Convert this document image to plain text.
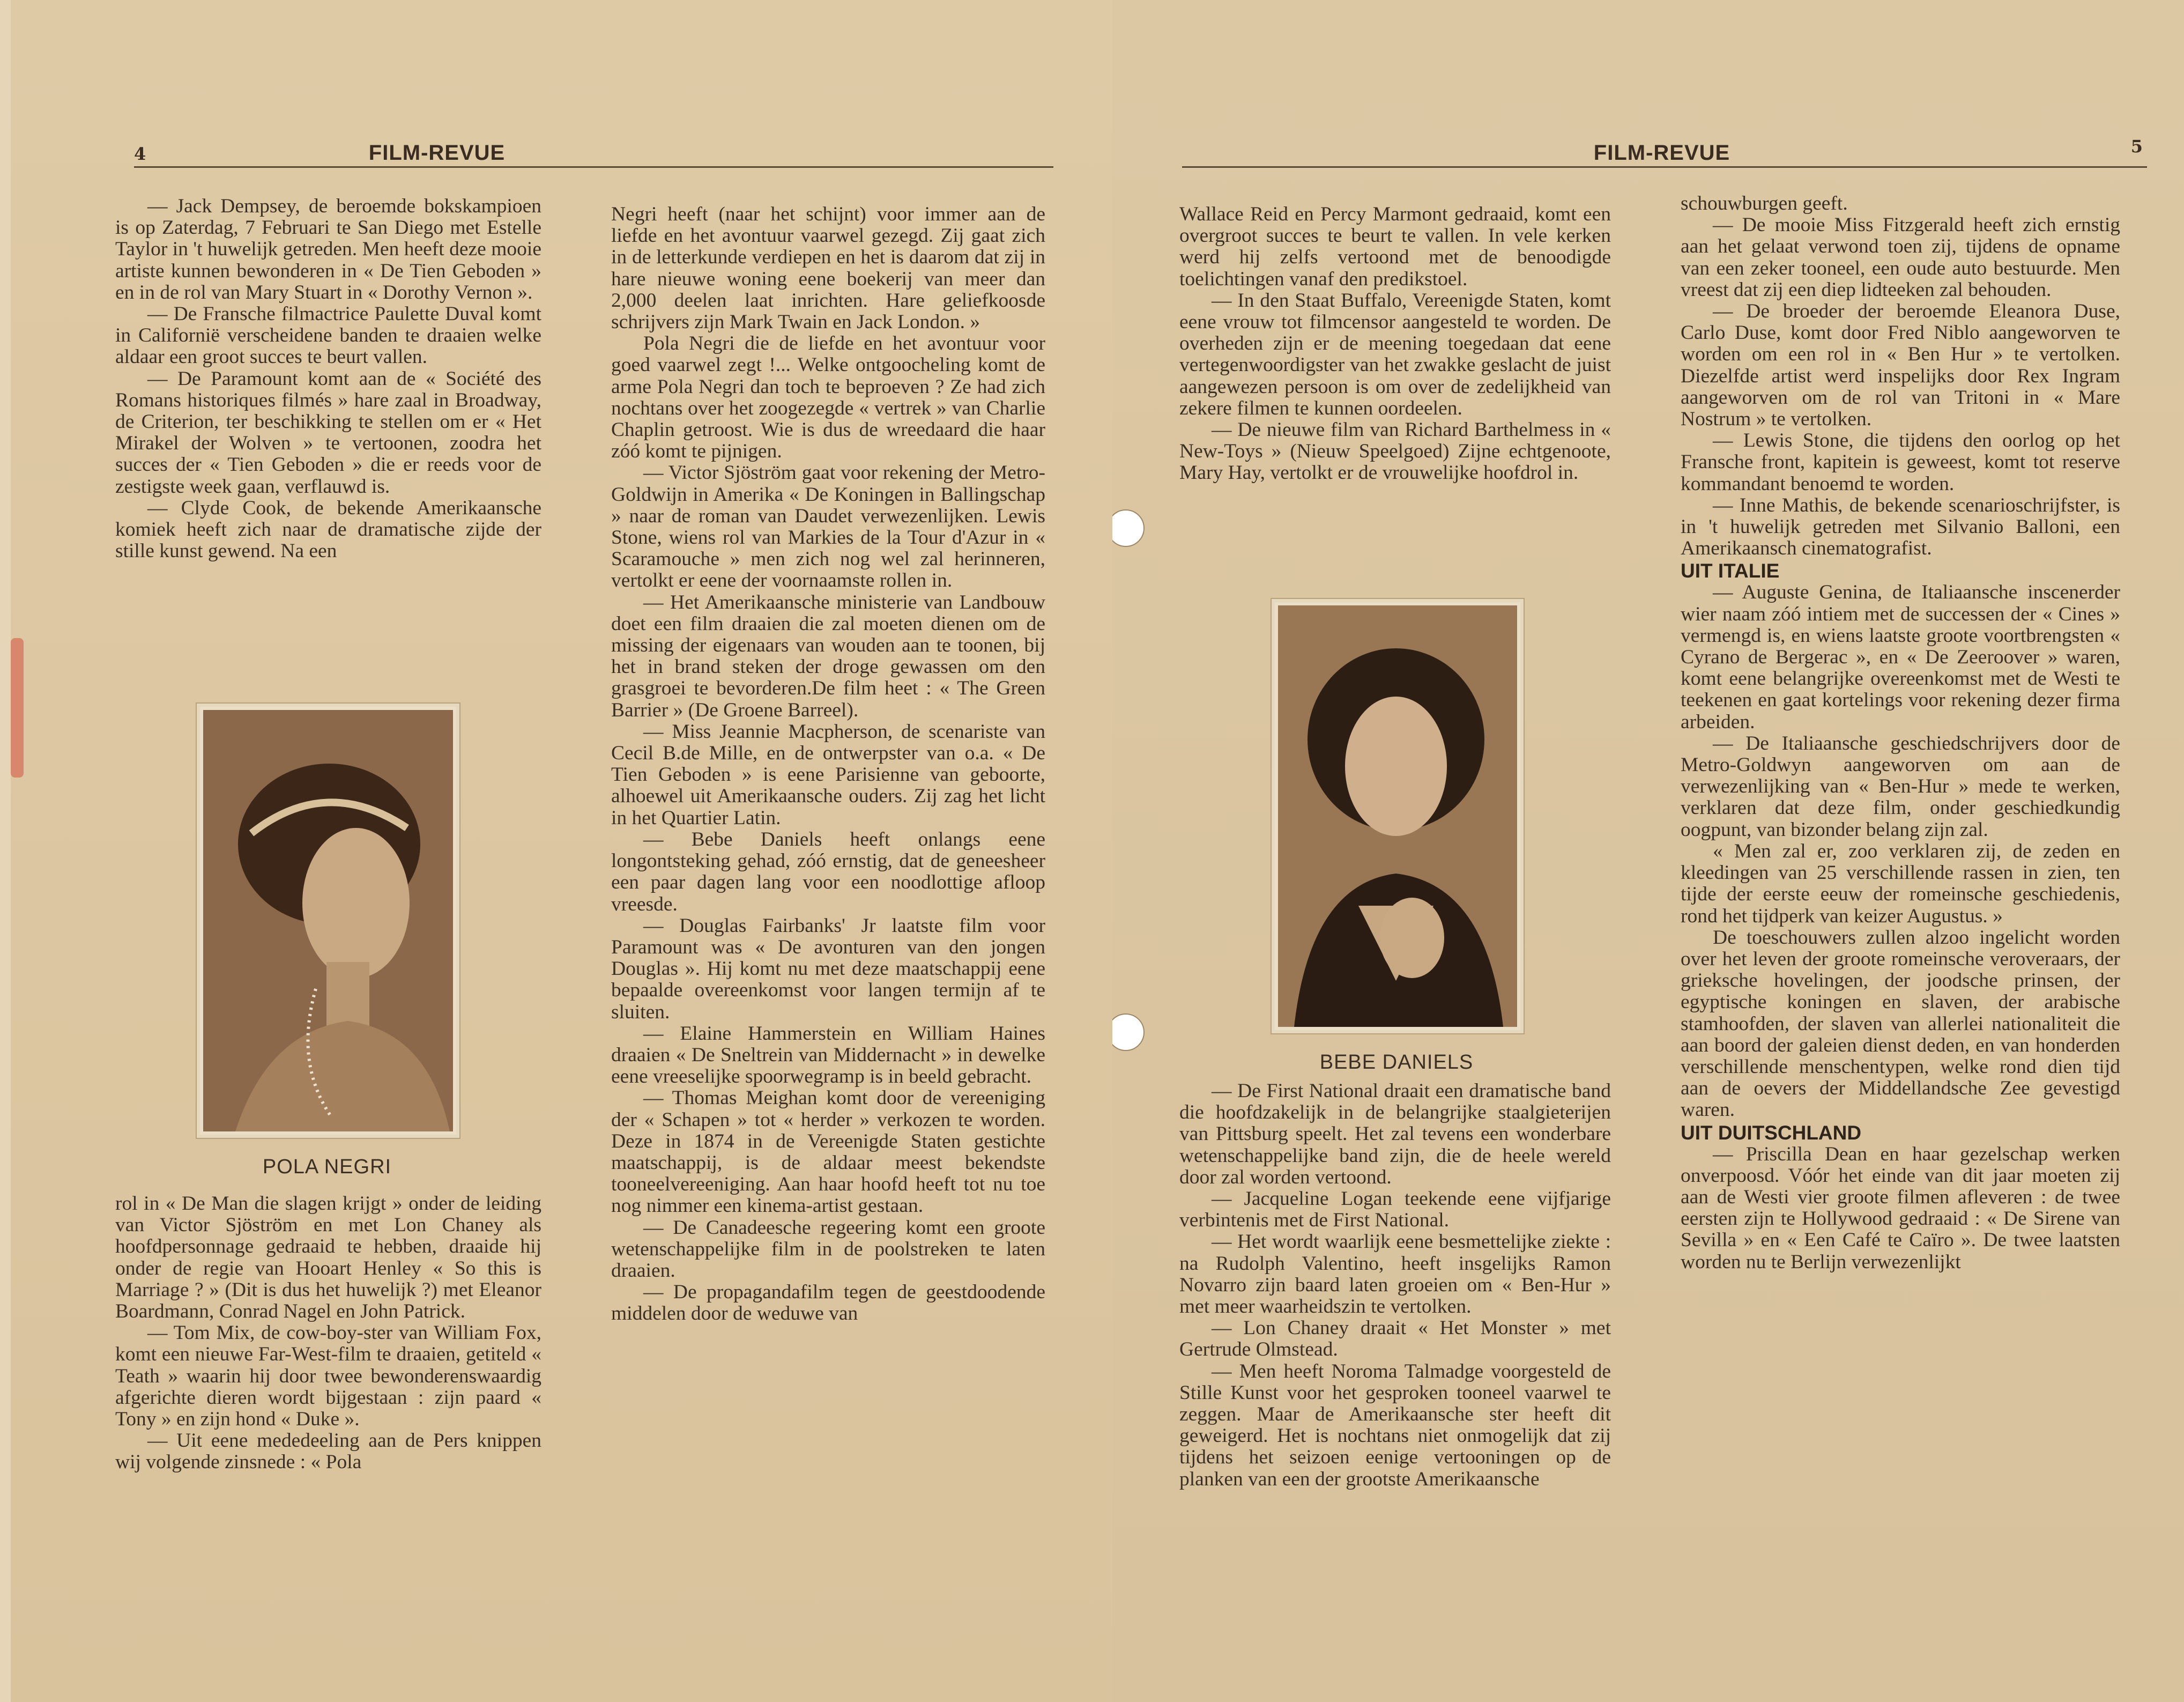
4	FILM-REVUE

— Jack Dempsey, de beroemde bokskampioen is op Zaterdag, 7 Februari te San Diego met Estelle Taylor in 't huwelijk getreden. Men heeft deze mooie artiste kunnen bewonderen in « De Tien Geboden » en in de rol van Mary Stuart in « Dorothy Vernon ».

— De Fransche filmactrice Paulette Duval komt in Californië verscheidene banden te draaien welke aldaar een groot succes te beurt vallen.

— De Paramount komt aan de « Société des Romans historiques filmés » hare zaal in Broadway, de Criterion, ter beschikking te stellen om er « Het Mirakel der Wolven » te vertoonen, zoodra het succes der « Tien Geboden » die er reeds voor de zestigste week gaan, verflauwd is.

— Clyde Cook, de bekende Amerikaansche komiek heeft zich naar de dramatische zijde der stille kunst gewend. Na een

POLA NEGRI

rol in « De Man die slagen krijgt » onder de leiding van Victor Sjöström en met Lon Chaney als hoofdpersonnage gedraaid te hebben, draaide hij onder de regie van Hooart Henley « So this is Marriage ? » (Dit is dus het huwelijk ?) met Eleanor Boardmann, Conrad Nagel en John Patrick.

— Tom Mix, de cow-boy-ster van William Fox, komt een nieuwe Far-West-film te draaien, getiteld « Teath » waarin hij door twee bewonderenswaardig afgerichte dieren wordt bijgestaan : zijn paard « Tony » en zijn hond « Duke ».

— Uit eene mededeeling aan de Pers knippen wij volgende zinsnede : « Pola

Negri heeft (naar het schijnt) voor immer aan de liefde en het avontuur vaarwel gezegd. Zij gaat zich in de letterkunde verdiepen en het is daarom dat zij in hare nieuwe woning eene boekerij van meer dan 2,000 deelen laat inrichten. Hare geliefkoosde schrijvers zijn Mark Twain en Jack London. »

Pola Negri die de liefde en het avontuur voor goed vaarwel zegt !... Welke ontgoocheling komt de arme Pola Negri dan toch te beproeven ? Ze had zich nochtans over het zoogezegde « vertrek » van Charlie Chaplin getroost. Wie is dus de wreedaard die haar zóó komt te pijnigen.

— Victor Sjöström gaat voor rekening der Metro-Goldwijn in Amerika « De Koningen in Ballingschap » naar de roman van Daudet verwezenlijken. Lewis Stone, wiens rol van Markies de la Tour d'Azur in « Scaramouche » men zich nog wel zal herinneren, vertolkt er eene der voornaamste rollen in.

— Het Amerikaansche ministerie van Landbouw doet een film draaien die zal moeten dienen om de missing der eigenaars van wouden aan te toonen, bij het in brand steken der droge gewassen om den grasgroei te bevorderen.De film heet : « The Green Barrier » (De Groene Barreel).

— Miss Jeannie Macpherson, de scenariste van Cecil B.de Mille, en de ontwerpster van o.a. « De Tien Geboden » is eene Parisienne van geboorte, alhoewel uit Amerikaansche ouders. Zij zag het licht in het Quartier Latin.

— Bebe Daniels heeft onlangs eene longontsteking gehad, zóó ernstig, dat de geneesheer een paar dagen lang voor een noodlottige afloop vreesde.

— Douglas Fairbanks' Jr laatste film voor Paramount was « De avonturen van den jongen Douglas ». Hij komt nu met deze maatschappij eene bepaalde overeenkomst voor langen termijn af te sluiten.

— Elaine Hammerstein en William Haines draaien « De Sneltrein van Middernacht » in dewelke eene vreeselijke spoorwegramp is in beeld gebracht.

— Thomas Meighan komt door de vereeniging der « Schapen » tot « herder » verkozen te worden. Deze in 1874 in de Vereenigde Staten gestichte maatschappij, is de aldaar meest bekendste tooneelvereeniging. Aan haar hoofd heeft tot nu toe nog nimmer een kinema-artist gestaan.

— De Canadeesche regeering komt een groote wetenschappelijke film in de poolstreken te laten draaien.

— De propagandafilm tegen de geestdoodende middelen door de weduwe van

FILM-REVUE	5

Wallace Reid en Percy Marmont gedraaid, komt een overgroot succes te beurt te vallen. In vele kerken werd hij zelfs vertoond met de benoodigde toelichtingen vanaf den predikstoel.

— In den Staat Buffalo, Vereenigde Staten, komt eene vrouw tot filmcensor aangesteld te worden. De overheden zijn er de meening toegedaan dat eene vertegenwoordigster van het zwakke geslacht de juist aangewezen persoon is om over de zedelijkheid van zekere filmen te kunnen oordeelen.

— De nieuwe film van Richard Barthelmess in « New-Toys » (Nieuw Speelgoed) Zijne echtgenoote, Mary Hay, vertolkt er de vrouwelijke hoofdrol in.

BEBE DANIELS

— De First National draait een dramatische band die hoofdzakelijk in de belangrijke staalgieterijen van Pittsburg speelt. Het zal tevens een wonderbare wetenschappelijke band zijn, die de heele wereld door zal worden vertoond.

— Jacqueline Logan teekende eene vijfjarige verbintenis met de First National.

— Het wordt waarlijk eene besmettelijke ziekte : na Rudolph Valentino, heeft insgelijks Ramon Novarro zijn baard laten groeien om « Ben-Hur » met meer waarheidszin te vertolken.

— Lon Chaney draait « Het Monster » met Gertrude Olmstead.

— Men heeft Noroma Talmadge voorgesteld de Stille Kunst voor het gesproken tooneel vaarwel te zeggen. Maar de Amerikaansche ster heeft dit geweigerd. Het is nochtans niet onmogelijk dat zij tijdens het seizoen eenige vertooningen op de planken van een der grootste Amerikaansche

schouwburgen geeft.

— De mooie Miss Fitzgerald heeft zich ernstig aan het gelaat verwond toen zij, tijdens de opname van een zeker tooneel, een oude auto bestuurde. Men vreest dat zij een diep lidteeken zal behouden.

— De broeder der beroemde Eleanora Duse, Carlo Duse, komt door Fred Niblo aangeworven te worden om een rol in « Ben Hur » te vertolken. Diezelfde artist werd inspelijks door Rex Ingram aangeworven om de rol van Tritoni in « Mare Nostrum » te vertolken.

— Lewis Stone, die tijdens den oorlog op het Fransche front, kapitein is geweest, komt tot reserve kommandant benoemd te worden.

— Inne Mathis, de bekende scenarioschrijfster, is in 't huwelijk getreden met Silvanio Balloni, een Amerikaansch cinematografist.

UIT ITALIE

— Auguste Genina, de Italiaansche inscenerder wier naam zóó intiem met de successen der « Cines » vermengd is, en wiens laatste groote voortbrengsten « Cyrano de Bergerac », en « De Zeeroover » waren, komt eene belangrijke overeenkomst met de Westi te teekenen en gaat kortelings voor rekening dezer firma arbeiden.

— De Italiaansche geschiedschrijvers door de Metro-Goldwyn aangeworven om aan de verwezenlijking van « Ben-Hur » mede te werken, verklaren dat deze film, onder geschiedkundig oogpunt, van bizonder belang zijn zal.

« Men zal er, zoo verklaren zij, de zeden en kleedingen van 25 verschillende rassen in zien, ten tijde der eerste eeuw der romeinsche geschiedenis, rond het tijdperk van keizer Augustus. »

De toeschouwers zullen alzoo ingelicht worden over het leven der groote romeinsche veroveraars, der grieksche hovelingen, der joodsche prinsen, der egyptische koningen en slaven, der arabische stamhoofden, der slaven van allerlei nationaliteit die aan boord der galeien dienst deden, en van honderden verschillende menschentypen, welke rond dien tijd aan de oevers der Middellandsche Zee gevestigd waren.

UIT DUITSCHLAND

— Priscilla Dean en haar gezelschap werken onverpoosd. Vóór het einde van dit jaar moeten zij aan de Westi vier groote filmen afleveren : de twee eersten zijn te Hollywood gedraaid : « De Sirene van Sevilla » en « Een Café te Caïro ». De twee laatsten worden nu te Berlijn verwezenlijkt
